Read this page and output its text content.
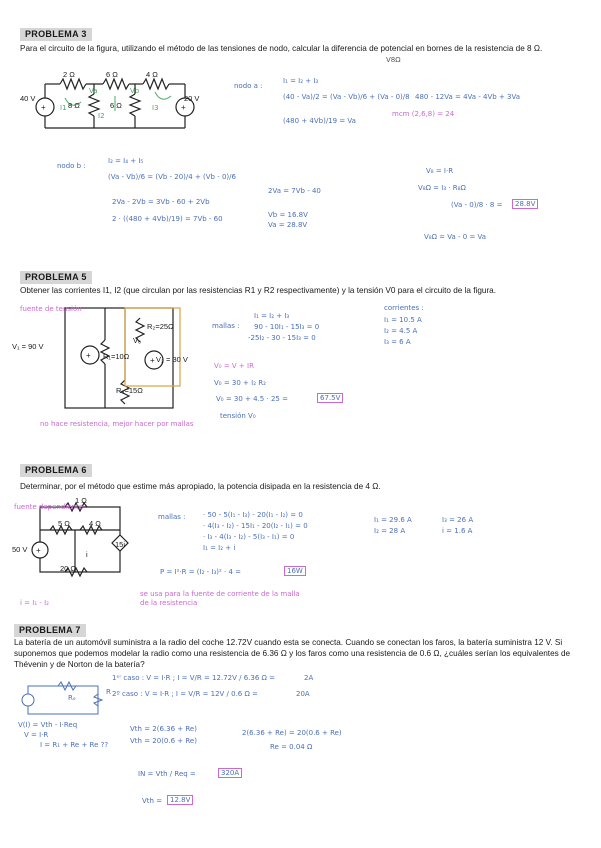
PROBLEMA 3
Para el circuito de la figura, utilizando el método de las tensiones de nodo, calcular la diferencia de potencial en bornes de la resistencia de 8 Ω.
V8Ω
+	+
2 Ω	6 Ω	4 Ω
8 Ω	6 Ω
40 V	20 V
Va	Vb
I1
I2
I3
nodo a :
I₁ = I₂ + I₃
(40 - Va)/2 = (Va - Vb)/6 + (Va - 0)/8
(480 + 4Vb)/19 = Va
480 - 12Va = 4Va - 4Vb + 3Va
mcm (2,6,8) = 24
nodo b :
I₂ = I₄ + I₅
(Va - Vb)/6 = (Vb - 20)/4 + (Vb - 0)/6
2Va - 2Vb = 3Vb - 60 + 2Vb
2 · ((480 + 4Vb)/19) = 7Vb - 60
2Va = 7Vb - 40
Vb = 16.8V
Va = 28.8V
V₈ = I·R
V₈Ω = I₃ · R₈Ω
(Va - 0)/8 · 8 =	28.8V
V₈Ω = Va - 0 = Va
PROBLEMA 5
Obtener las corrientes I1, I2 (que circulan por las resistencias R1 y R2 respectivamente) y la tensión V0 para el circuito de la figura.
+
+
V₁ = 90 V
R₁=10Ω
R₂=25Ω
R₃=15Ω
V₂ = 30 V
V₀
fuente de tensión
no hace resistencia, mejor hacer por mallas
mallas :
I₁ = I₂ + I₃
90 - 10I₁ - 15I₃ = 0
-25I₂ - 30 - 15I₃ = 0
corrientes :
I₁ = 10.5 A
I₂ = 4.5 A
I₃ = 6 A
V₀ = V + IR
V₀ = 30 + I₂ R₂
V₀ = 30 + 4.5 · 25 =	67.5V
tensión V₀
PROBLEMA 6
Determinar, por el método que estime más apropiado, la potencia disipada en la resistencia de 4 Ω.
+
1 Ω
5 Ω	4 Ω
20 Ω
50 V
15i
i
fuente dependiente
mallas : · 50 - 5(I₁ - I₃) - 20(I₁ - I₂) = 0
· 4(I₃ - I₂) - 15I₁ - 20(I₂ - I₁) = 0
· I₃ - 4(I₃ - I₂) - 5(I₃ - I₁) = 0
I₁ = I₂ + i
I₁ = 29.6 A
I₂ = 28 A
I₃ = 26 A
i = 1.6 A
P = I²·R = (I₂ - I₃)² · 4 =	16W
i = I₁ - I₂
se usa para la fuente de corriente de la malla de la resistencia
PROBLEMA 7
La batería de un automóvil suministra a la radio del coche 12.72V cuando esta se conecta. Cuando se conectan los faros, la batería suministra 12 V. Si suponemos que podemos modelar la radio como una resistencia de 6.36 Ω y los faros como una resistencia de 0.6 Ω, ¿cuáles serían los equivalentes de Thévenin y de Norton de la batería?
Rₑ
R
1ᵉʳ caso : V = I·R ; I = V/R = 12.72V / 6.36 Ω =	2A
2º caso : V = I·R ; I = V/R = 12V / 0.6 Ω =	20A
V(I) = Vth - I·Req
V = I·R
I = R₁ + Re + Re ??
Vth = 2(6.36 + Re)
Vth = 20(0.6 + Re)
2(6.36 + Re) = 20(0.6 + Re)
Re = 0.04 Ω
IN = Vth / Req =	320A
Vth =	12.8V
